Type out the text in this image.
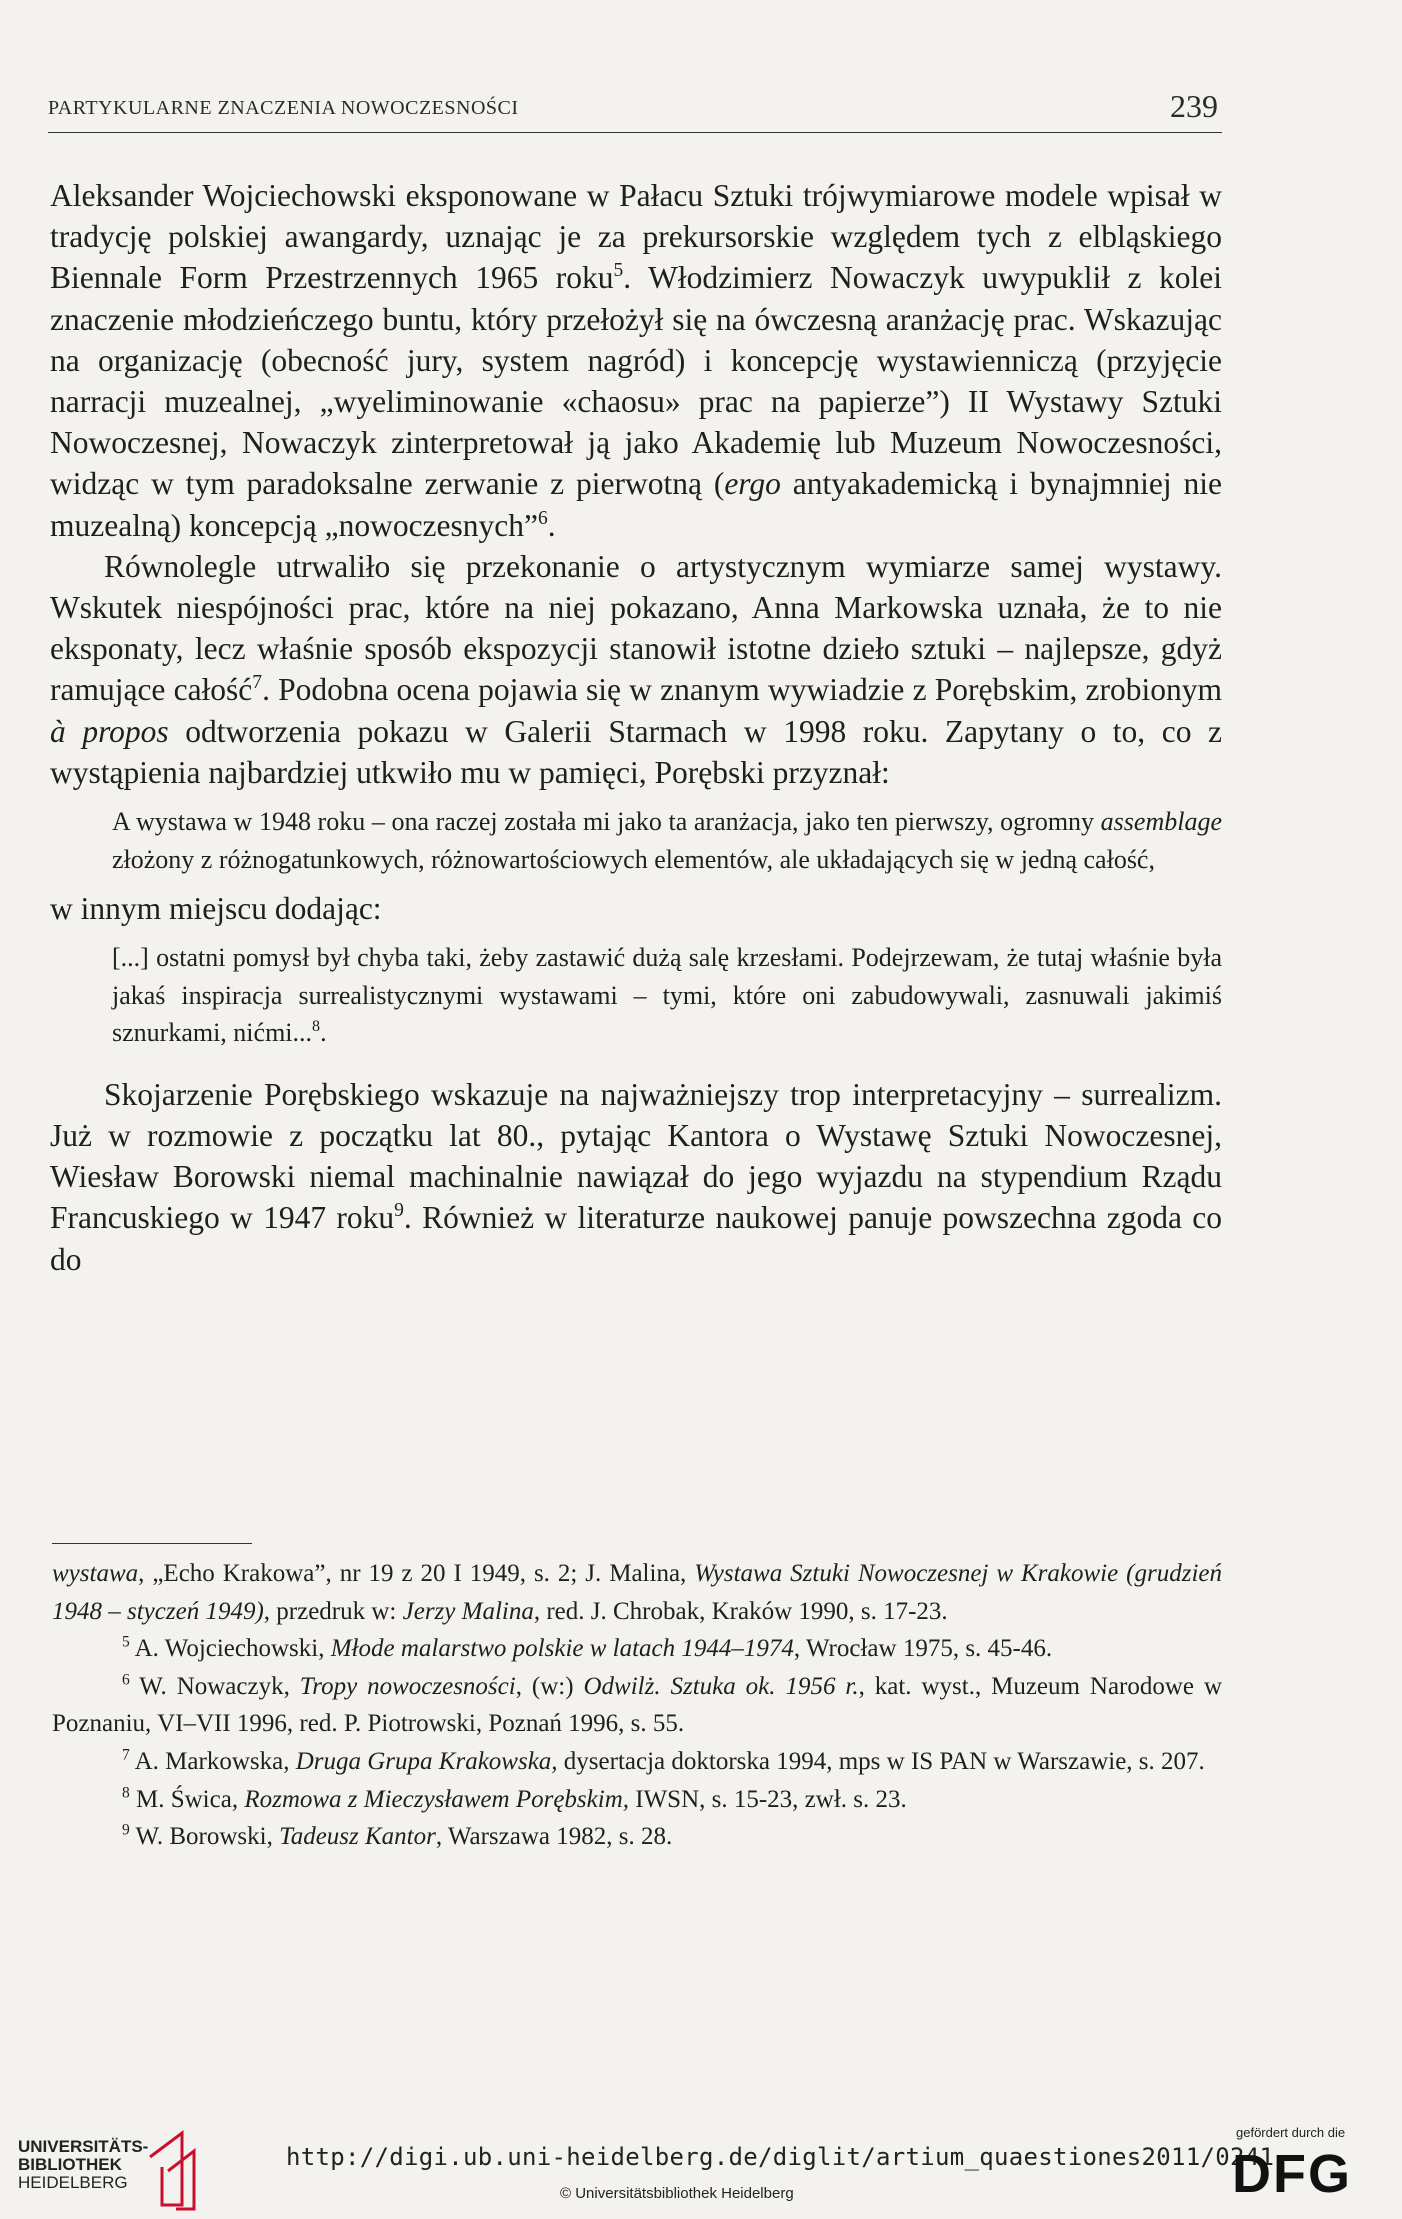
PARTYKULARNE ZNACZENIA NOWOCZESNOŚCI	239

Aleksander Wojciechowski eksponowane w Pałacu Sztuki trójwymiarowe modele wpisał w tradycję polskiej awangardy, uznając je za prekursorskie względem tych z elbląskiego Biennale Form Przestrzennych 1965 roku$^5$. Włodzimierz Nowaczyk uwypuklił z kolei znaczenie młodzieńczego buntu, który przełożył się na ówczesną aranżację prac. Wskazując na organizację (obecność jury, system nagród) i koncepcję wystawienniczą (przyjęcie narracji muzealnej, „wyeliminowanie «chaosu» prac na papierze”) II Wystawy Sztuki Nowoczesnej, Nowaczyk zinterpretował ją jako Akademię lub Muzeum Nowoczesności, widząc w tym paradoksalne zerwanie z pierwotną (ergo antyakademicką i bynajmniej nie muzealną) koncepcją „nowoczesnych”$^6$.

Równolegle utrwaliło się przekonanie o artystycznym wymiarze samej wystawy. Wskutek niespójności prac, które na niej pokazano, Anna Markowska uznała, że to nie eksponaty, lecz właśnie sposób ekspozycji stanowił istotne dzieło sztuki – najlepsze, gdyż ramujące całość$^7$. Podobna ocena pojawia się w znanym wywiadzie z Porębskim, zrobionym à propos odtworzenia pokazu w Galerii Starmach w 1998 roku. Zapytany o to, co z wystąpienia najbardziej utkwiło mu w pamięci, Porębski przyznał:

A wystawa w 1948 roku – ona raczej została mi jako ta aranżacja, jako ten pierwszy, ogromny assemblage złożony z różnogatunkowych, różnowartościowych elementów, ale układających się w jedną całość,

w innym miejscu dodając:

[...] ostatni pomysł był chyba taki, żeby zastawić dużą salę krzesłami. Podejrzewam, że tutaj właśnie była jakaś inspiracja surrealistycznymi wystawami – tymi, które oni zabudowywali, zasnuwali jakimiś sznurkami, nićmi...$^8$.

Skojarzenie Porębskiego wskazuje na najważniejszy trop interpretacyjny – surrealizm. Już w rozmowie z początku lat 80., pytając Kantora o Wystawę Sztuki Nowoczesnej, Wiesław Borowski niemal machinalnie nawiązał do jego wyjazdu na stypendium Rządu Francuskiego w 1947 roku$^9$. Również w literaturze naukowej panuje powszechna zgoda co do

wystawa, „Echo Krakowa”, nr 19 z 20 I 1949, s. 2; J. Malina, Wystawa Sztuki Nowoczesnej w Krakowie (grudzień 1948 – styczeń 1949), przedruk w: Jerzy Malina, red. J. Chrobak, Kraków 1990, s. 17-23.

$^5$ A. Wojciechowski, Młode malarstwo polskie w latach 1944–1974, Wrocław 1975, s. 45-46.

$^6$ W. Nowaczyk, Tropy nowoczesności, (w:) Odwilż. Sztuka ok. 1956 r., kat. wyst., Muzeum Narodowe w Poznaniu, VI–VII 1996, red. P. Piotrowski, Poznań 1996, s. 55.

$^7$ A. Markowska, Druga Grupa Krakowska, dysertacja doktorska 1994, mps w IS PAN w Warszawie, s. 207.

$^8$ M. Świca, Rozmowa z Mieczysławem Porębskim, IWSN, s. 15-23, zwł. s. 23.

$^9$ W. Borowski, Tadeusz Kantor, Warszawa 1982, s. 28.

UNIVERSITÄTS-
BIBLIOTHEK
HEIDELBERG
http://digi.ub.uni-heidelberg.de/diglit/artium_quaestiones2011/0241
© Universitätsbibliothek Heidelberg
gefördert durch die
DFG
